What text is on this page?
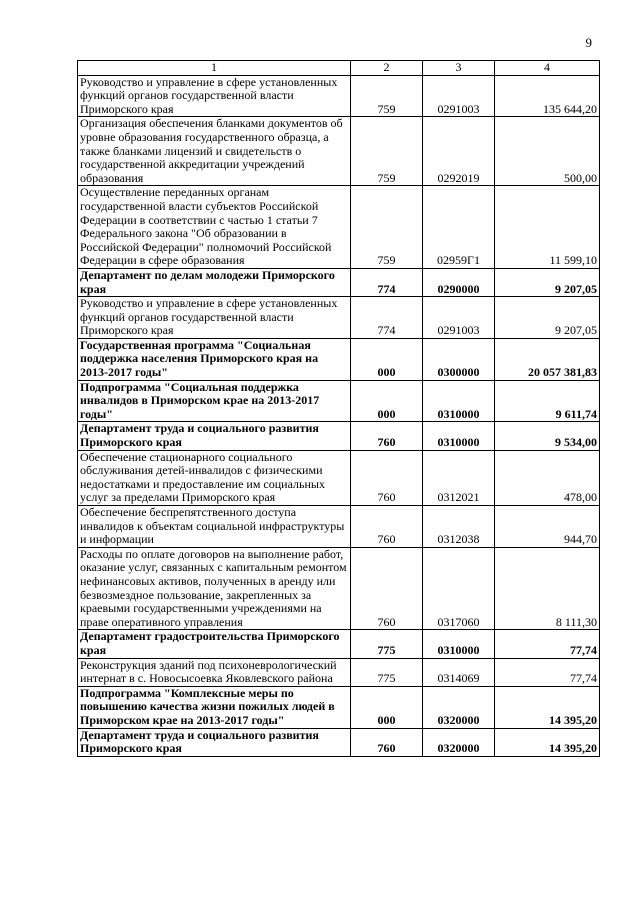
9
1	2	3	4
Руководство и управление в сфере установленных функций органов государственной власти Приморского края	759	0291003	135 644,20
Организация обеспечения бланками документов об уровне образования государственного образца, а также бланками лицензий и свидетельств о государственной аккредитации учреждений образования	759	0292019	500,00
Осуществление переданных органам государственной власти субъектов Российской Федерации в соответствии с частью 1 статьи 7 Федерального закона "Об образовании в Российской Федерации" полномочий Российской Федерации в сфере образования	759	02959Г1	11 599,10
Департамент по делам молодежи Приморского края	774	0290000	9 207,05
Руководство и управление в сфере установленных функций органов государственной власти Приморского края	774	0291003	9 207,05
Государственная программа "Социальная поддержка населения Приморского края на 2013-2017 годы"	000	0300000	20 057 381,83
Подпрограмма "Социальная поддержка инвалидов в Приморском крае на 2013-2017 годы"	000	0310000	9 611,74
Департамент труда и социального развития Приморского края	760	0310000	9 534,00
Обеспечение стационарного социального обслуживания детей-инвалидов с физическими недостатками и предоставление им социальных услуг за пределами Приморского края	760	0312021	478,00
Обеспечение беспрепятственного доступа инвалидов к объектам социальной инфраструктуры и информации	760	0312038	944,70
Расходы по оплате договоров на выполнение работ, оказание услуг, связанных с капитальным ремонтом нефинансовых активов, полученных в аренду или безвозмездное пользование, закрепленных за краевыми государственными учреждениями на праве оперативного управления	760	0317060	8 111,30
Департамент градостроительства Приморского края	775	0310000	77,74
Реконструкция зданий под психоневрологический интернат в с. Новосысоевка Яковлевского района	775	0314069	77,74
Подпрограмма "Комплексные меры по повышению качества жизни пожилых людей в Приморском крае на 2013-2017 годы"	000	0320000	14 395,20
Департамент труда и социального развития Приморского края	760	0320000	14 395,20
